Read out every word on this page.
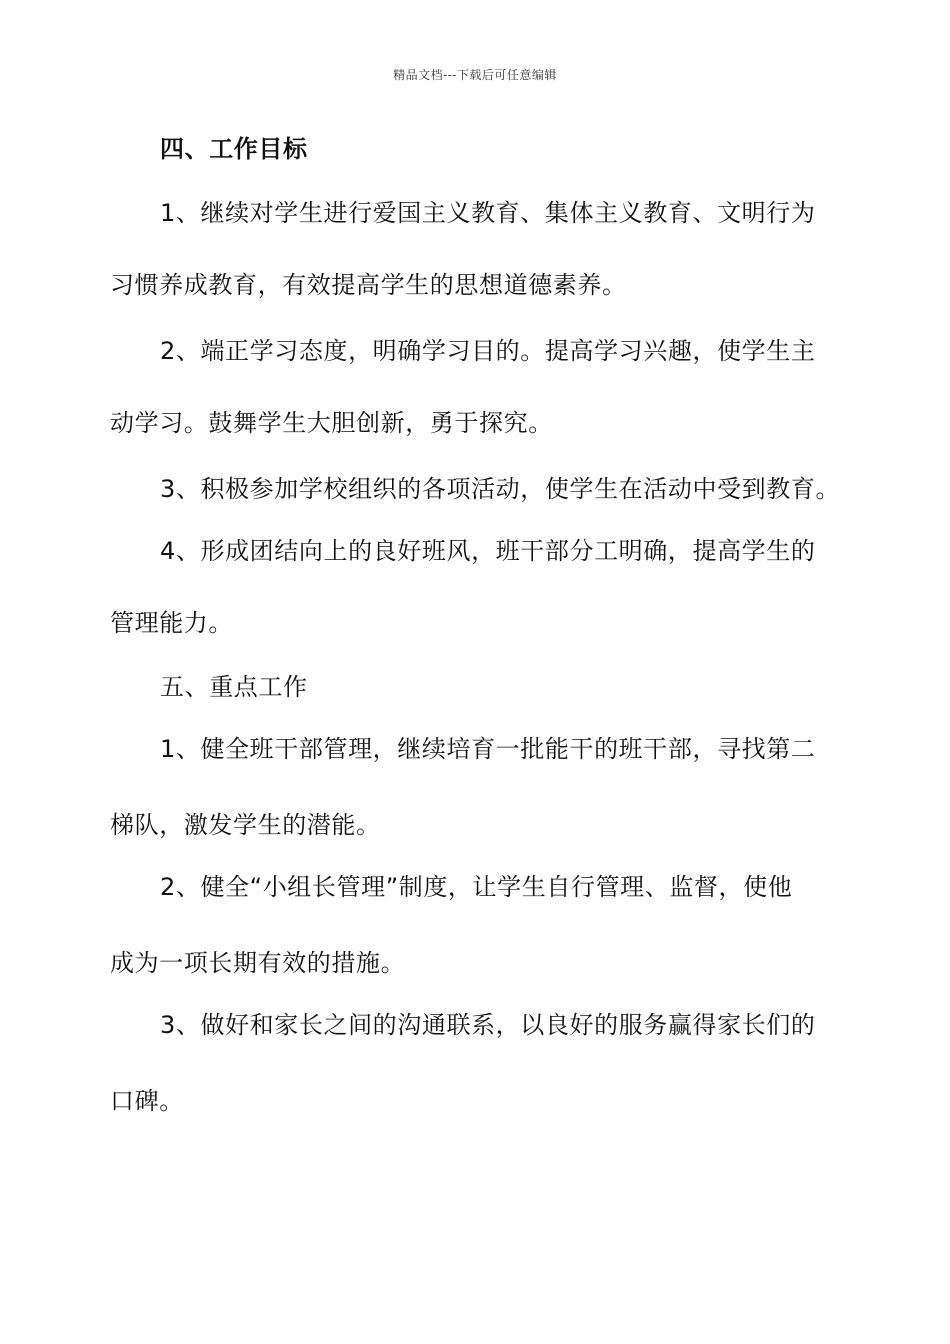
精品文档---下载后可任意编辑
四、工作目标
1、继续对学生进行爱国主义教育、集体主义教育、文明行为
习惯养成教育，有效提高学生的思想道德素养。
2、端正学习态度，明确学习目的。提高学习兴趣，使学生主
动学习。鼓舞学生大胆创新，勇于探究。
3、积极参加学校组织的各项活动，使学生在活动中受到教育。
4、形成团结向上的良好班风，班干部分工明确，提高学生的
管理能力。
五、重点工作
1、健全班干部管理，继续培育一批能干的班干部，寻找第二
梯队，激发学生的潜能。
2、健全“小组长管理”制度，让学生自行管理、监督，使他
成为一项长期有效的措施。
3、做好和家长之间的沟通联系，以良好的服务赢得家长们的
口碑。
